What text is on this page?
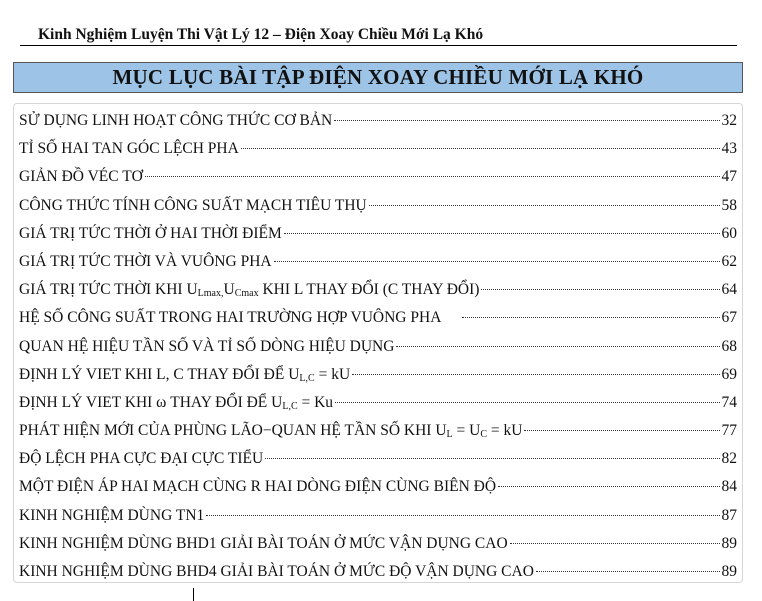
Kinh Nghiệm Luyện Thi Vật Lý 12 – Điện Xoay Chiều Mới Lạ Khó
MỤC LỤC BÀI TẬP ĐIỆN XOAY CHIỀU MỚI LẠ KHÓ
SỬ DỤNG LINH HOẠT CÔNG THỨC CƠ BẢN	32
TỈ SỐ HAI TAN GÓC LỆCH PHA	43
GIẢN ĐỒ VÉC TƠ	47
CÔNG THỨC TÍNH CÔNG SUẤT MẠCH TIÊU THỤ	58
GIÁ TRỊ TỨC THỜI Ở HAI THỜI ĐIỂM	60
GIÁ TRỊ TỨC THỜI VÀ VUÔNG PHA	62
GIÁ TRỊ TỨC THỜI KHI ULmax,UCmax KHI L THAY ĐỔI (C THAY ĐỔI)	64
HỆ SỐ CÔNG SUẤT TRONG HAI TRƯỜNG HỢP VUÔNG PHA	67
QUAN HỆ HIỆU TẦN SỐ VÀ TỈ SỐ DÒNG HIỆU DỤNG	68
ĐỊNH LÝ VIET KHI L, C THAY ĐỔI ĐỂ UL,C = kU	69
ĐỊNH LÝ VIET KHI ω THAY ĐỔI ĐỂ UL,C = Ku	74
PHÁT HIỆN MỚI CỦA PHÙNG LÃO−QUAN HỆ TẦN SỐ KHI UL = UC = kU	77
ĐỘ LỆCH PHA CỰC ĐẠI CỰC TIỂU	82
MỘT ĐIỆN ÁP HAI MẠCH CÙNG R HAI DÒNG ĐIỆN CÙNG BIÊN ĐỘ	84
KINH NGHIỆM DÙNG TN1	87
KINH NGHIỆM DÙNG BHD1 GIẢI BÀI TOÁN Ở MỨC VẬN DỤNG CAO	89
KINH NGHIỆM DÙNG BHD4 GIẢI BÀI TOÁN Ở MỨC ĐỘ VẬN DỤNG CAO	89
